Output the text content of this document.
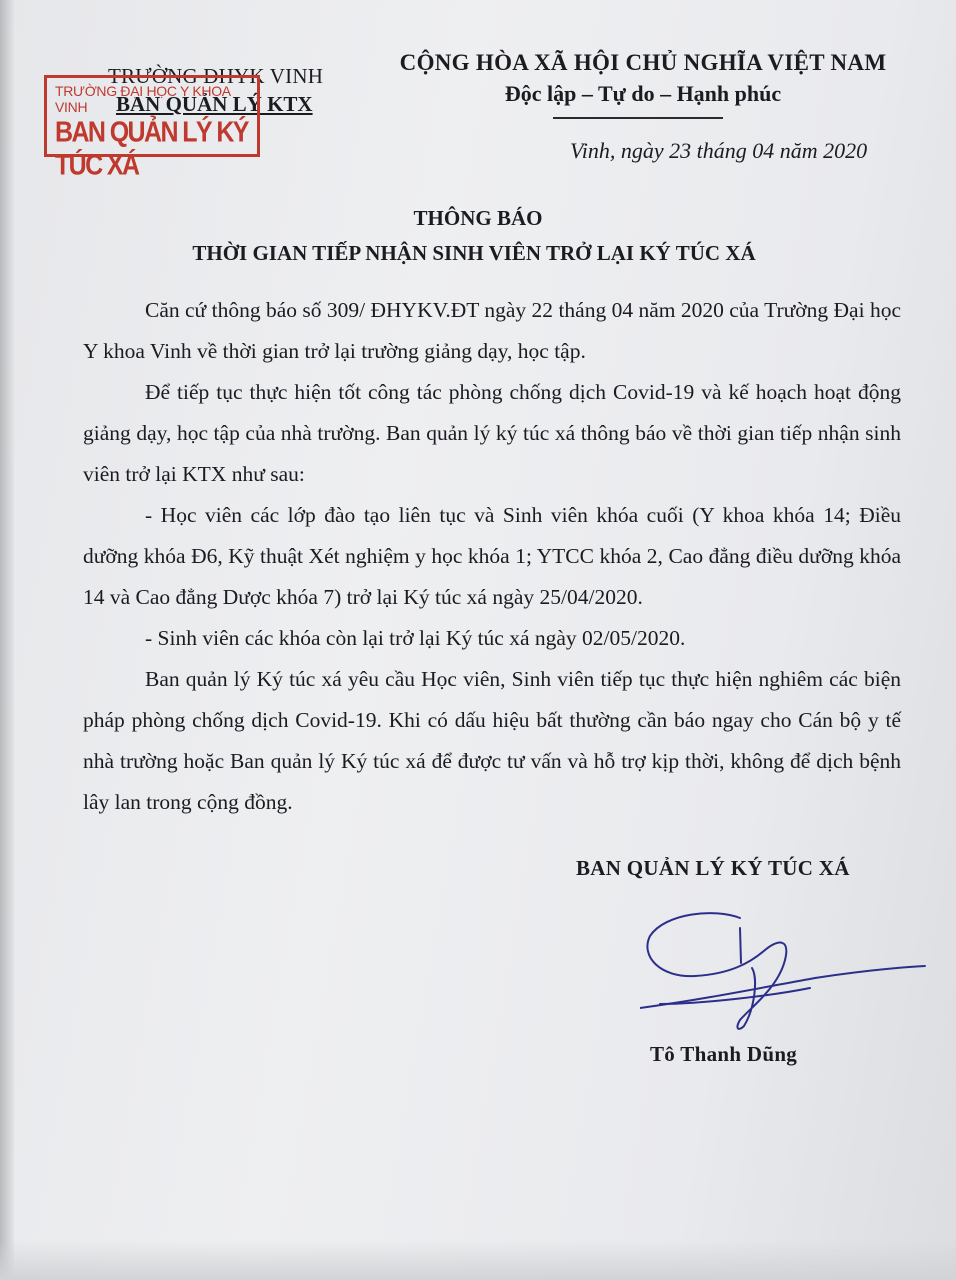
TRƯỜNG ĐHYK VINH
BAN QUẢN LÝ KTX
TRƯỜNG ĐẠI HỌC Y KHOA VINH
BAN QUẢN LÝ KÝ TÚC XÁ
CỘNG HÒA XÃ HỘI CHỦ NGHĨA VIỆT NAM
Độc lập – Tự do – Hạnh phúc
Vinh, ngày 23 tháng 04 năm 2020
THÔNG BÁO
THỜI GIAN TIẾP NHẬN SINH VIÊN TRỞ LẠI KÝ TÚC XÁ

Căn cứ thông báo số 309/ ĐHYKV.ĐT ngày 22 tháng 04 năm 2020 của Trường Đại học Y khoa Vinh về thời gian trở lại trường giảng dạy, học tập.

Để tiếp tục thực hiện tốt công tác phòng chống dịch Covid-19 và kế hoạch hoạt động giảng dạy, học tập của nhà trường. Ban quản lý ký túc xá thông báo về thời gian tiếp nhận sinh viên trở lại KTX như sau:

- Học viên các lớp đào tạo liên tục và Sinh viên khóa cuối (Y khoa khóa 14; Điều dưỡng khóa Đ6, Kỹ thuật Xét nghiệm y học khóa 1; YTCC khóa 2, Cao đẳng điều dưỡng khóa 14 và Cao đẳng Dược khóa 7) trở lại Ký túc xá ngày 25/04/2020.

- Sinh viên các khóa còn lại trở lại Ký túc xá ngày 02/05/2020.

Ban quản lý Ký túc xá yêu cầu Học viên, Sinh viên tiếp tục thực hiện nghiêm các biện pháp phòng chống dịch Covid-19. Khi có dấu hiệu bất thường cần báo ngay cho Cán bộ y tế nhà trường hoặc Ban quản lý Ký túc xá để được tư vấn và hỗ trợ kịp thời, không để dịch bệnh lây lan trong cộng đồng.

BAN QUẢN LÝ KÝ TÚC XÁ
Tô Thanh Dũng
